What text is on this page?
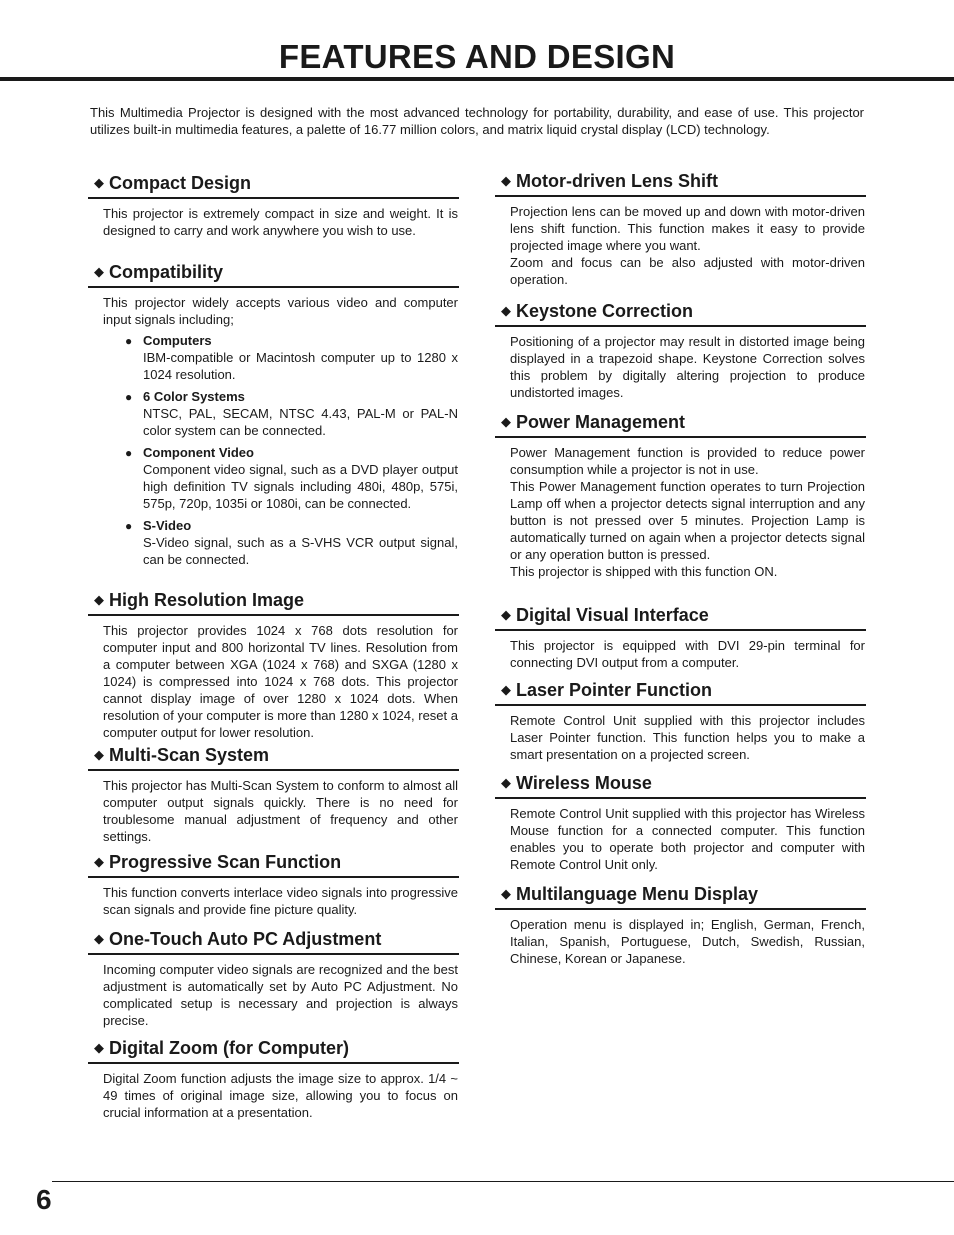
FEATURES AND DESIGN

This Multimedia Projector is designed with the most advanced technology for portability, durability, and ease of use. This projector utilizes built-in multimedia features, a palette of 16.77 million colors, and matrix liquid crystal display (LCD) technology.

◆ Compact Design

This projector is extremely compact in size and weight. It is designed to carry and work anywhere you wish to use.

◆ Compatibility

This projector widely accepts various video and computer input signals including;

● Computers
IBM-compatible or Macintosh computer up to 1280 x 1024 resolution.
● 6 Color Systems
NTSC, PAL, SECAM, NTSC 4.43, PAL-M or PAL-N color system can be connected.
● Component Video
Component video signal, such as a DVD player output high definition TV signals including 480i, 480p, 575i, 575p, 720p, 1035i or 1080i, can be connected.
● S-Video
S-Video signal, such as a S-VHS VCR output signal, can be connected.
◆ High Resolution Image

This projector provides 1024 x 768 dots resolution for computer input and 800 horizontal TV lines. Resolution from a computer between XGA (1024 x 768) and SXGA (1280 x 1024) is compressed into 1024 x 768 dots. This projector cannot display image of over 1280 x 1024 dots. When resolution of your computer is more than 1280 x 1024, reset a computer output for lower resolution.

◆ Multi-Scan System

This projector has Multi-Scan System to conform to almost all computer output signals quickly. There is no need for troublesome manual adjustment of frequency and other settings.

◆ Progressive Scan Function

This function converts interlace video signals into progressive scan signals and provide fine picture quality.

◆ One-Touch Auto PC Adjustment

Incoming computer video signals are recognized and the best adjustment is automatically set by Auto PC Adjustment. No complicated setup is necessary and projection is always precise.

◆ Digital Zoom (for Computer)

Digital Zoom function adjusts the image size to approx. 1/4 ~ 49 times of original image size, allowing you to focus on crucial information at a presentation.

◆ Motor-driven Lens Shift

Projection lens can be moved up and down with motor-driven lens shift function. This function makes it easy to provide projected image where you want.

Zoom and focus can be also adjusted with motor-driven operation.

◆ Keystone Correction

Positioning of a projector may result in distorted image being displayed in a trapezoid shape. Keystone Correction solves this problem by digitally altering projection to produce undistorted images.

◆ Power Management

Power Management function is provided to reduce power consumption while a projector is not in use.

This Power Management function operates to turn Projection Lamp off when a projector detects signal interruption and any button is not pressed over 5 minutes. Projection Lamp is automatically turned on again when a projector detects signal or any operation button is pressed.

This projector is shipped with this function ON.

◆ Digital Visual Interface

This projector is equipped with DVI 29-pin terminal for connecting DVI output from a computer.

◆ Laser Pointer Function

Remote Control Unit supplied with this projector includes Laser Pointer function. This function helps you to make a smart presentation on a projected screen.

◆ Wireless Mouse

Remote Control Unit supplied with this projector has Wireless Mouse function for a connected computer. This function enables you to operate both projector and computer with Remote Control Unit only.

◆ Multilanguage Menu Display

Operation menu is displayed in; English, German, French, Italian, Spanish, Portuguese, Dutch, Swedish, Russian, Chinese, Korean or Japanese.

6
